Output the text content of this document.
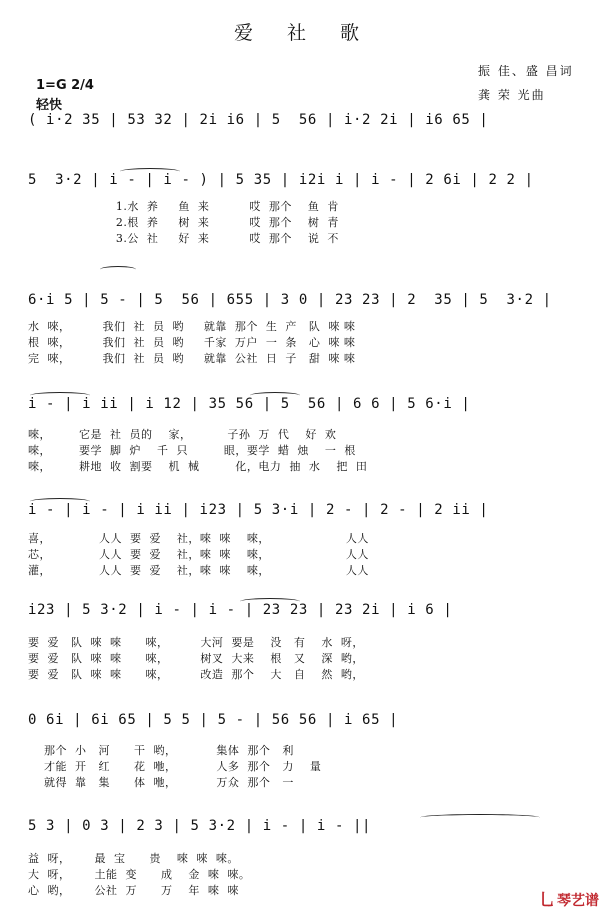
爱 社 歌
振 佳、盛 昌词
龚 荣 光曲
1=G 2/4
轻快
( i·2 35 | 53 32 | 2i i6 | 5  56 | i·2 2i | i6 65 |
5  3·2 | i - | i - ) | 5 35 | i2i i | i - | 2 6i | 2 2 |
1.水  养     鱼  来          哎  那个    鱼  肯
2.根  养     树  来          哎  那个    树  青
3.公  社     好  来          哎  那个    说  不
6·i 5 | 5 - | 5  56 | 655 | 3 0 | 23 23 | 2  35 | 5  3·2 |
水  唻，        我们  社  员  哟     就靠  那个  生  产   队  唻 唻
根  唻，        我们  社  员  哟     千家  万户  一  条   心  唻 唻
完  唻，        我们  社  员  哟     就靠  公社  日  子   甜  唻 唻
i - | i ii | i 12 | 35 56 | 5  56 | 6 6 | 5 6·i |
唻，       它是  社  员的    家，         子孙  万  代    好  欢
唻，       要学  脚  炉    千  只         眼，要学  蜡  烛    一  根
唻，       耕地  收  割要    机  械         化，电力  抽  水    把  田
i - | i - | i ii | i23 | 5 3·i | 2 - | 2 - | 2 ii |
喜，            人人  要  爱    社，唻  唻    唻，                   人人
芯，            人人  要  爱    社，唻  唻    唻，                   人人
灌，            人人  要  爱    社，唻  唻    唻，                   人人
i23 | 5 3·2 | i - | i - | 23 23 | 23 2i | i 6 |
要  爱   队  唻  唻      唻，        大河  要是    没   有    水  呀，
要  爱   队  唻  唻      唻，        树叉  大来    根   又    深  哟，
要  爱   队  唻  唻      唻，        改造  那个    大   自    然  哟，
0 6i | 6i 65 | 5 5 | 5 - | 56 56 | i 65 |
那个  小   河      干  哟，          集体  那个   利
才能  开   红      花  咃，          人多  那个   力    量
就得  靠   集      体  咃，          万众  那个   一
5 3 | 0 3 | 2 3 | 5 3·2 | i - | i - ||
益  呀，      最  宝      贵    唻  唻  唻。
大  呀，      土能  变      成    金  唻  唻。
心  哟，      公社  万      万    年  唻  唻	乚 琴艺谱
